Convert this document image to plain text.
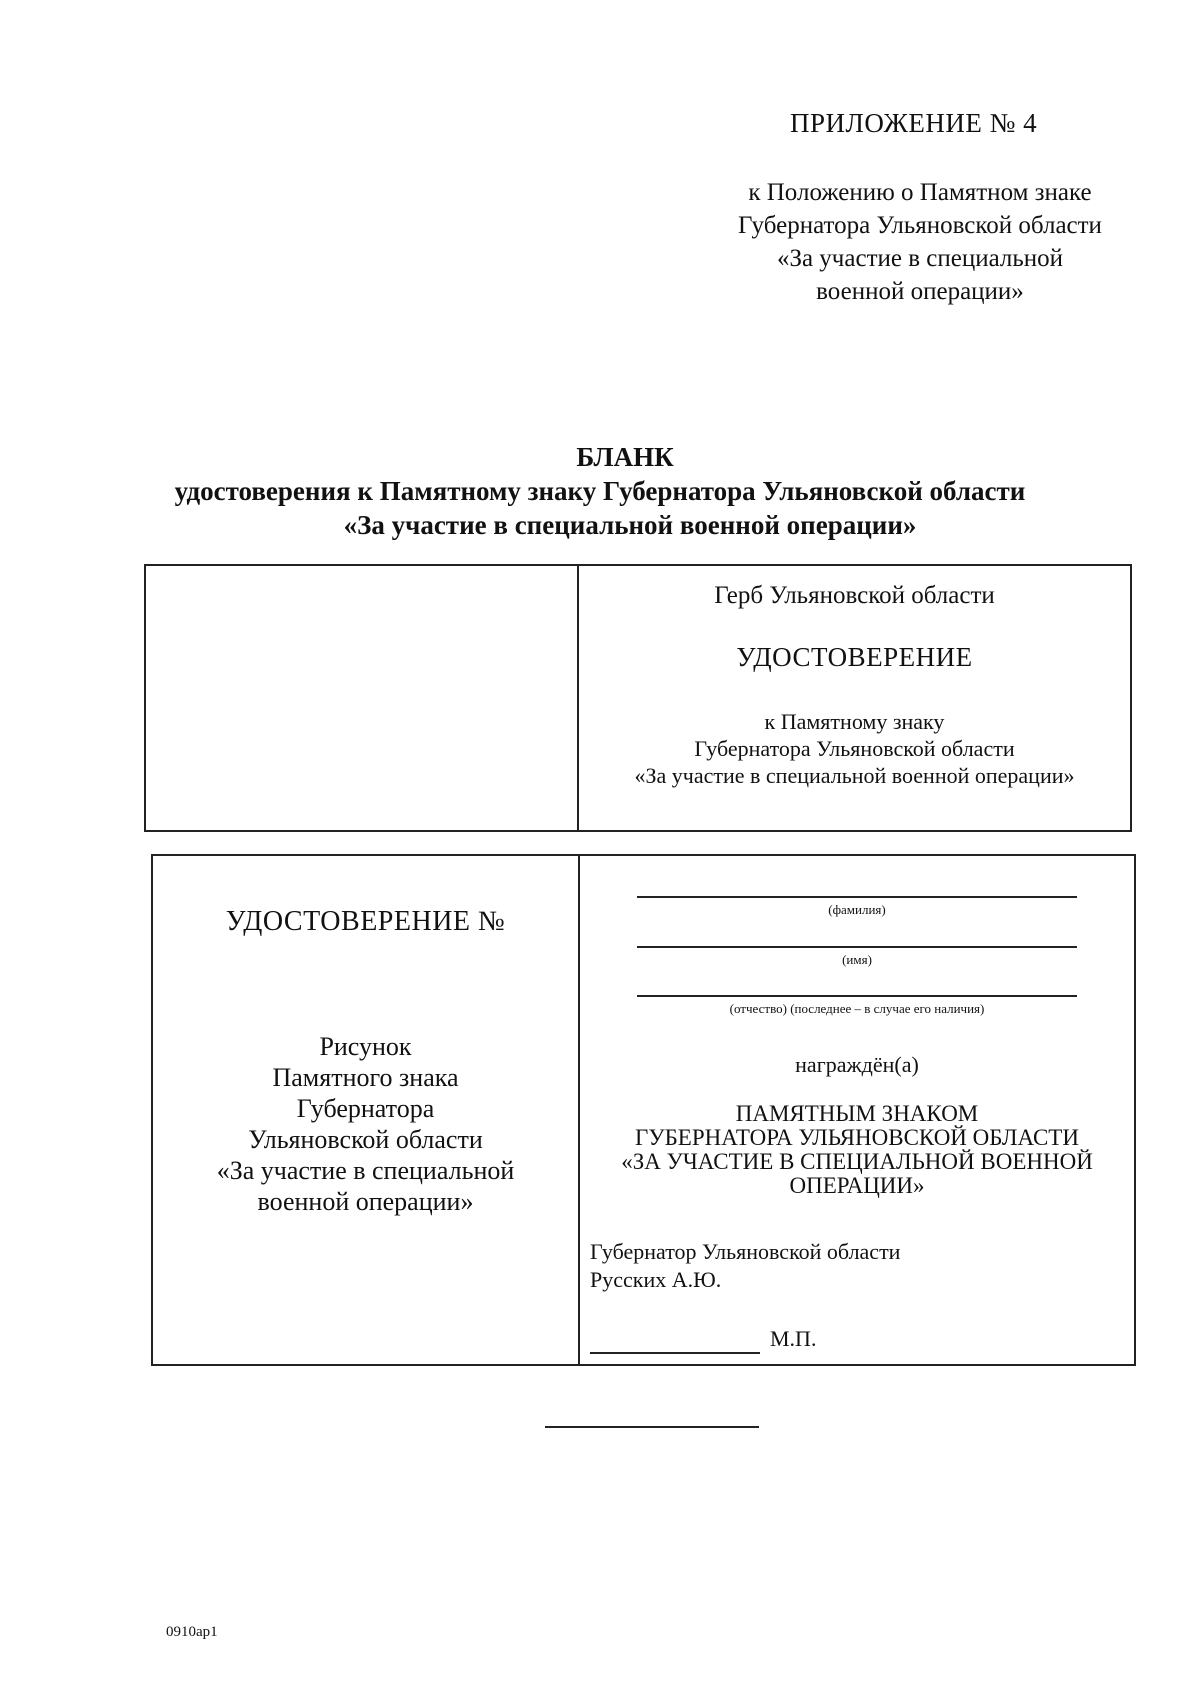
ПРИЛОЖЕНИЕ № 4
к Положению о Памятном знаке
Губернатора Ульяновской области
«За участие в специальной
военной операции»
БЛАНК
удостоверения к Памятному знаку Губернатора Ульяновской области
«За участие в специальной военной операции»
Герб Ульяновской области
УДОСТОВЕРЕНИЕ
к Памятному знаку
Губернатора Ульяновской области
«За участие в специальной военной операции»
УДОСТОВЕРЕНИЕ №
Рисунок
Памятного знака
Губернатора
Ульяновской области
«За участие в специальной
военной операции»
(фамилия)
(имя)
(отчество) (последнее – в случае его наличия)
награждён(а)
ПАМЯТНЫМ ЗНАКОМ
ГУБЕРНАТОРА УЛЬЯНОВСКОЙ ОБЛАСТИ
«ЗА УЧАСТИЕ В СПЕЦИАЛЬНОЙ ВОЕННОЙ
ОПЕРАЦИИ»
Губернатор Ульяновской области
Русских А.Ю.
М.П.
0910ap1
